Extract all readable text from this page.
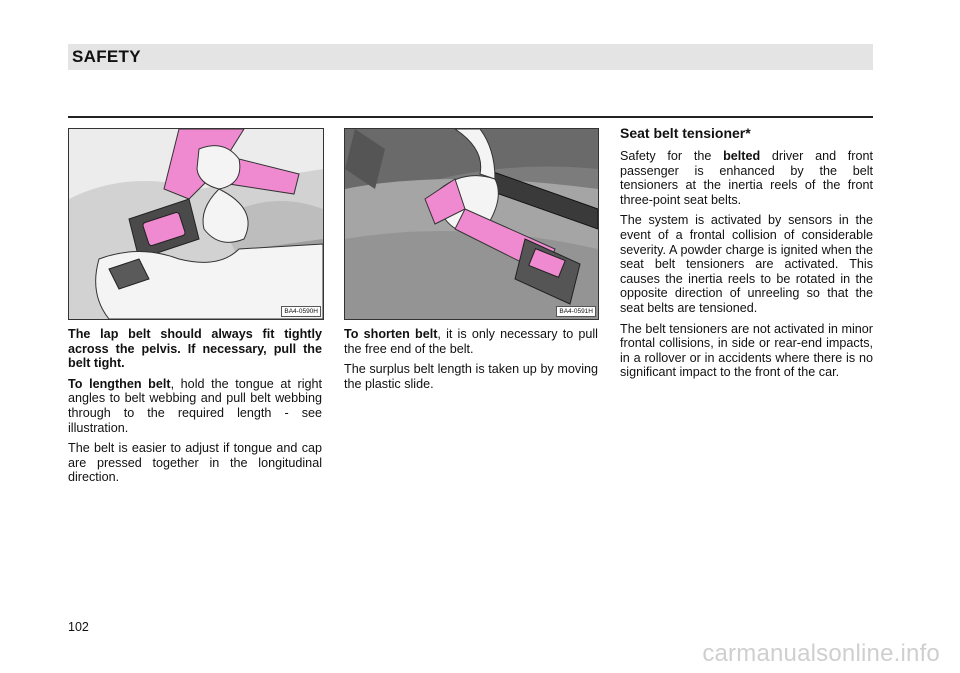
SAFETY
BA4-0590H	BA4-0591H

The lap belt should always fit tightly across the pelvis. If necessary, pull the belt tight.

To lengthen belt, hold the tongue at right angles to belt webbing and pull belt webbing through to the required length - see illustration.

The belt is easier to adjust if tongue and cap are pressed together in the longitudinal direction.

To shorten belt, it is only necessary to pull the free end of the belt.

The surplus belt length is taken up by moving the plastic slide.

Seat belt tensioner*

Safety for the belted driver and front passenger is enhanced by the belt tensioners at the inertia reels of the front three-point seat belts.

The system is activated by sensors in the event of a frontal collision of considerable severity. A powder charge is ignited when the seat belt tensioners are activated. This causes the inertia reels to be rotated in the opposite direction of unreeling so that the seat belts are tensioned.

The belt tensioners are not activated in minor frontal collisions, in side or rear-end impacts, in a rollover or in accidents where there is no significant impact to the front of the car.

102
carmanualsonline.info
